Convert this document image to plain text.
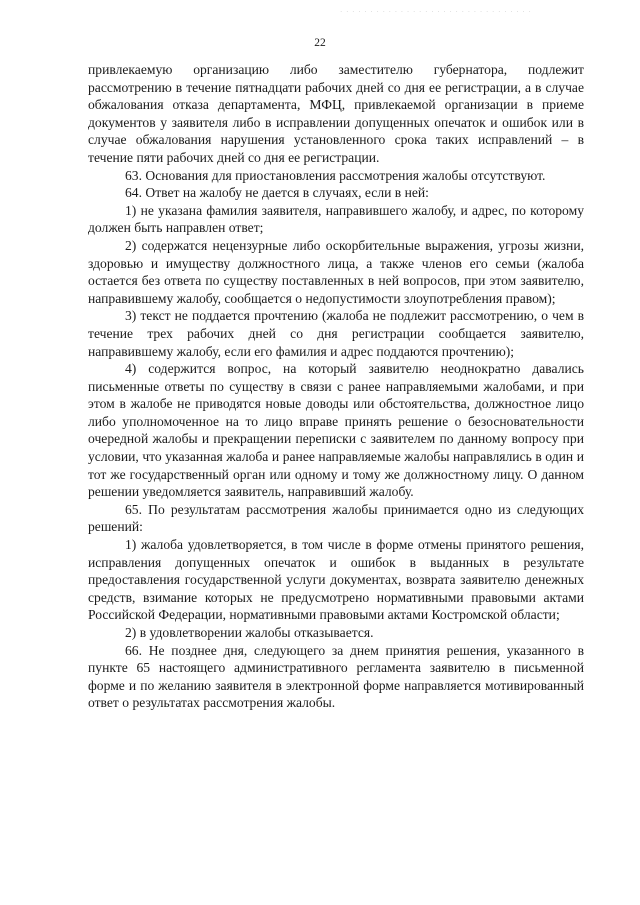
· · · · · · · · · · · · · · · · · · · · · · · · · · · · · · · ·
22

привлекаемую организацию либо заместителю губернатора, подлежит рассмотрению в течение пятнадцати рабочих дней со дня ее регистрации, а в случае обжалования отказа департамента, МФЦ, привлекаемой организации в приеме документов у заявителя либо в исправлении допущенных опечаток и ошибок или в случае обжалования нарушения установленного срока таких исправлений – в течение пяти рабочих дней со дня ее регистрации.

63. Основания для приостановления рассмотрения жалобы отсутствуют.

64. Ответ на жалобу не дается в случаях, если в ней:

1) не указана фамилия заявителя, направившего жалобу, и адрес, по которому должен быть направлен ответ;

2) содержатся нецензурные либо оскорбительные выражения, угрозы жизни, здоровью и имуществу должностного лица, а также членов его семьи (жалоба остается без ответа по существу поставленных в ней вопросов, при этом заявителю, направившему жалобу, сообщается о недопустимости злоупотребления правом);

3) текст не поддается прочтению (жалоба не подлежит рассмотрению, о чем в течение трех рабочих дней со дня регистрации сообщается заявителю, направившему жалобу, если его фамилия и адрес поддаются прочтению);

4) содержится вопрос, на который заявителю неоднократно давались письменные ответы по существу в связи с ранее направляемыми жалобами, и при этом в жалобе не приводятся новые доводы или обстоятельства, должностное лицо либо уполномоченное на то лицо вправе принять решение о безосновательности очередной жалобы и прекращении переписки с заявителем по данному вопросу при условии, что указанная жалоба и ранее направляемые жалобы направлялись в один и тот же государственный орган или одному и тому же должностному лицу. О данном решении уведомляется заявитель, направивший жалобу.

65. По результатам рассмотрения жалобы принимается одно из следующих решений:

1) жалоба удовлетворяется, в том числе в форме отмены принятого решения, исправления допущенных опечаток и ошибок в выданных в результате предоставления государственной услуги документах, возврата заявителю денежных средств, взимание которых не предусмотрено нормативными правовыми актами Российской Федерации, нормативными правовыми актами Костромской области;

2) в удовлетворении жалобы отказывается.

66. Не позднее дня, следующего за днем принятия решения, указанного в пункте 65 настоящего административного регламента заявителю в письменной форме и по желанию заявителя в электронной форме направляется мотивированный ответ о результатах рассмотрения жалобы.
